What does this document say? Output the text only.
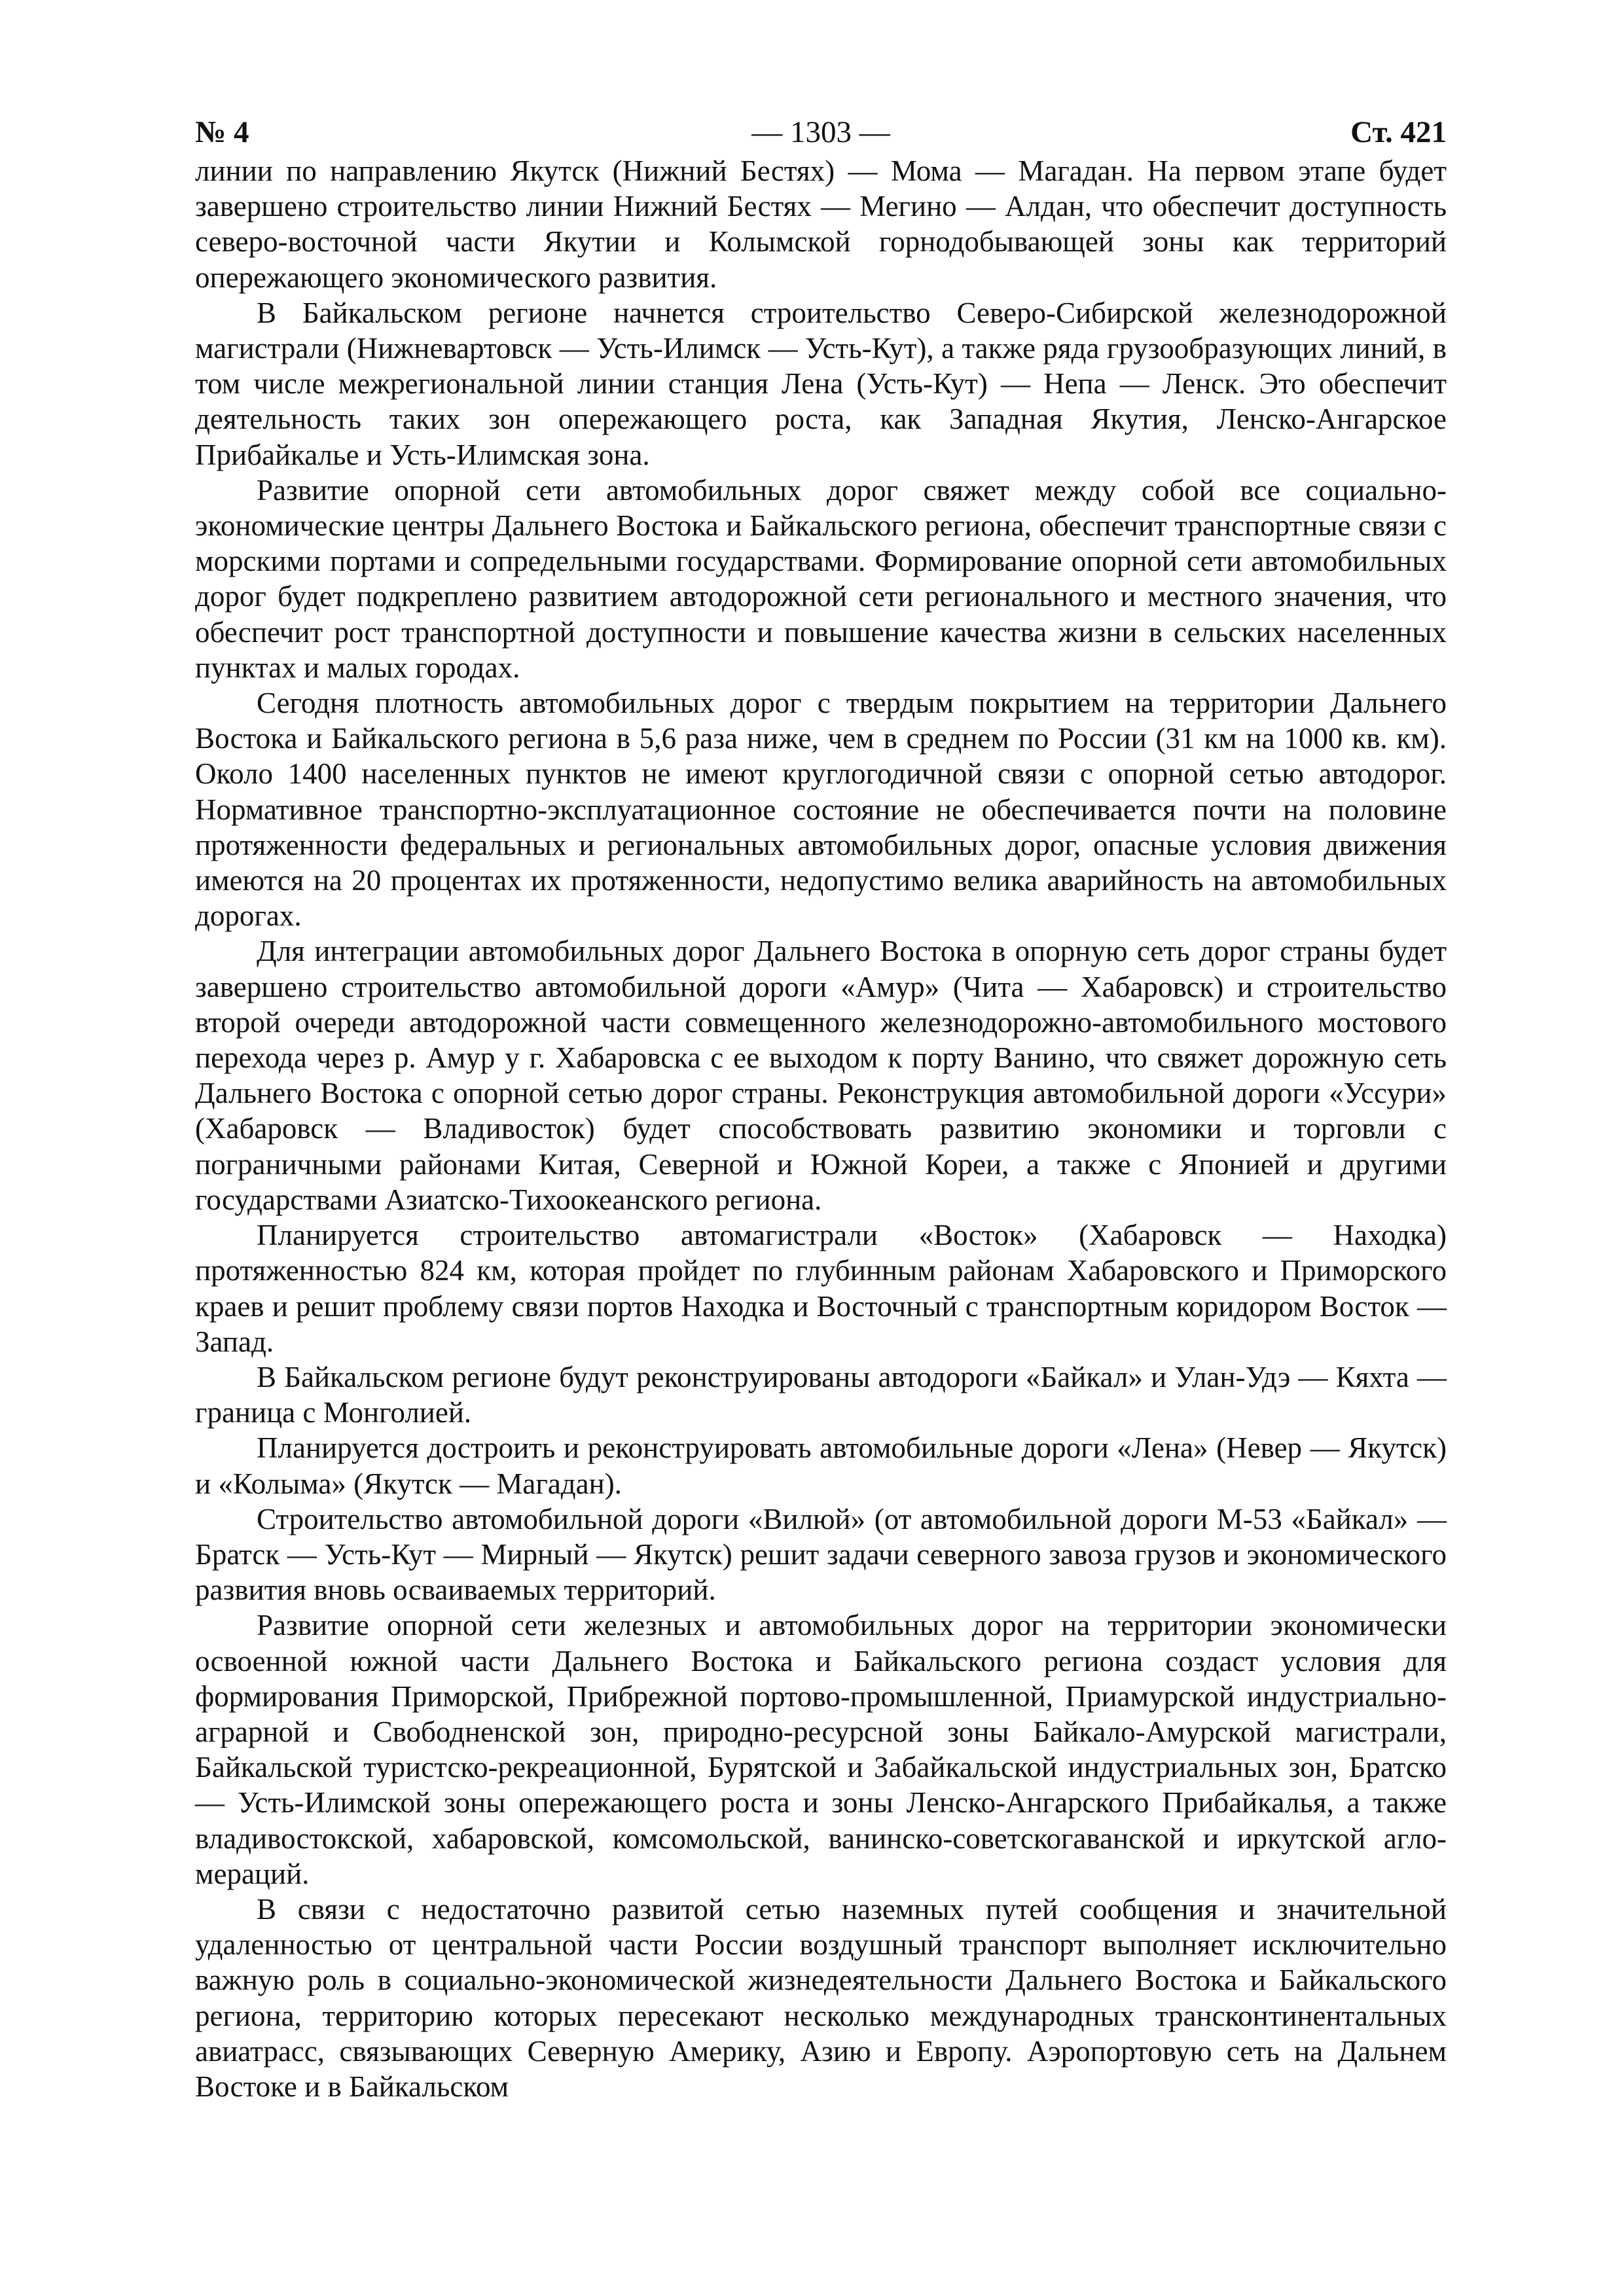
№ 4	— 1303 —	Ст. 421

линии по направлению Якутск (Нижний Бестях) — Мома — Магадан. На первом этапе будет завершено строительство линии Нижний Бестях — Мегино — Алдан, что обеспечит доступность северо-восточной части Якутии и Колымской горнодобывающей зоны как территорий опережающего экономического развития.

В Байкальском регионе начнется строительство Северо-Сибирской железнодорожной магистрали (Нижневартовск — Усть-Илимск — Усть-Кут), а также ряда грузообразующих линий, в том числе межрегиональной линии станция Лена (Усть-Кут) — Непа — Ленск. Это обеспечит деятельность таких зон опережающего роста, как Западная Якутия, Ленско-Ангарское Прибайкалье и Усть-Илимская зона.

Развитие опорной сети автомобильных дорог свяжет между собой все социально-экономические центры Дальнего Востока и Байкальского региона, обеспечит транспортные связи с морскими портами и сопредельными государствами. Формирование опорной сети автомобильных дорог будет подкреплено развитием автодорожной сети регионального и местного значения, что обеспечит рост транспортной доступности и повышение качества жизни в сельских населенных пунктах и малых городах.

Сегодня плотность автомобильных дорог с твердым покрытием на территории Дальнего Востока и Байкальского региона в 5,6 раза ниже, чем в среднем по России (31 км на 1000 кв. км). Около 1400 населенных пунктов не имеют круглогодичной связи с опорной сетью автодорог. Нормативное транспортно-эксплуатационное состояние не обеспечивается почти на половине протяженности федеральных и региональных автомобильных дорог, опасные условия движения имеются на 20 процентах их протяженности, недопустимо велика аварийность на автомобильных дорогах.

Для интеграции автомобильных дорог Дальнего Востока в опорную сеть дорог страны будет завершено строительство автомобильной дороги «Амур» (Чита — Хабаровск) и строительство второй очереди автодорожной части совмещенного железнодорожно-автомобильного мостового перехода через р. Амур у г. Хабаровска с ее выходом к порту Ванино, что свяжет дорожную сеть Дальнего Востока с опорной сетью дорог страны. Реконструкция автомобильной дороги «Уссури» (Хабаровск — Владивосток) будет способствовать развитию экономики и торговли с пограничными районами Китая, Северной и Южной Кореи, а также с Японией и другими государствами Азиатско-Тихоокеанского региона.

Планируется строительство автомагистрали «Восток» (Хабаровск — Находка) протяженностью 824 км, которая пройдет по глубинным районам Хабаровского и Приморского краев и решит проблему связи портов Находка и Восточный с транспортным коридором Восток — Запад.

В Байкальском регионе будут реконструированы автодороги «Байкал» и Улан-Удэ — Кяхта — граница с Монголией.

Планируется достроить и реконструировать автомобильные дороги «Лена» (Невер — Якутск) и «Колыма» (Якутск — Магадан).

Строительство автомобильной дороги «Вилюй» (от автомобильной дороги М-53 «Байкал» — Братск — Усть-Кут — Мирный — Якутск) решит задачи северного завоза грузов и экономического развития вновь осваиваемых территорий.

Развитие опорной сети железных и автомобильных дорог на территории экономически освоенной южной части Дальнего Востока и Байкальского региона создаст условия для формирования Приморской, Прибрежной портово-промышленной, Приамурской индустриально-аграрной и Свободненской зон, природно-ресурсной зоны Байкало-Амурской магистрали, Байкальской туристско-рекреационной, Бурятской и Забайкальской индустриальных зон, Братско — Усть-Илимской зоны опережающего роста и зоны Ленско-Ангарского Прибайкалья, а также владивостокской, хабаровской, комсомольской, ванинско-советскогаванской и иркутской агломераций.

В связи с недостаточно развитой сетью наземных путей сообщения и значительной удаленностью от центральной части России воздушный транспорт выполняет исключительно важную роль в социально-экономической жизнедеятельности Дальнего Востока и Байкальского региона, территорию которых пересекают несколько международных трансконтинентальных авиатрасс, связывающих Северную Америку, Азию и Европу. Аэропортовую сеть на Дальнем Востоке и в Байкальском
